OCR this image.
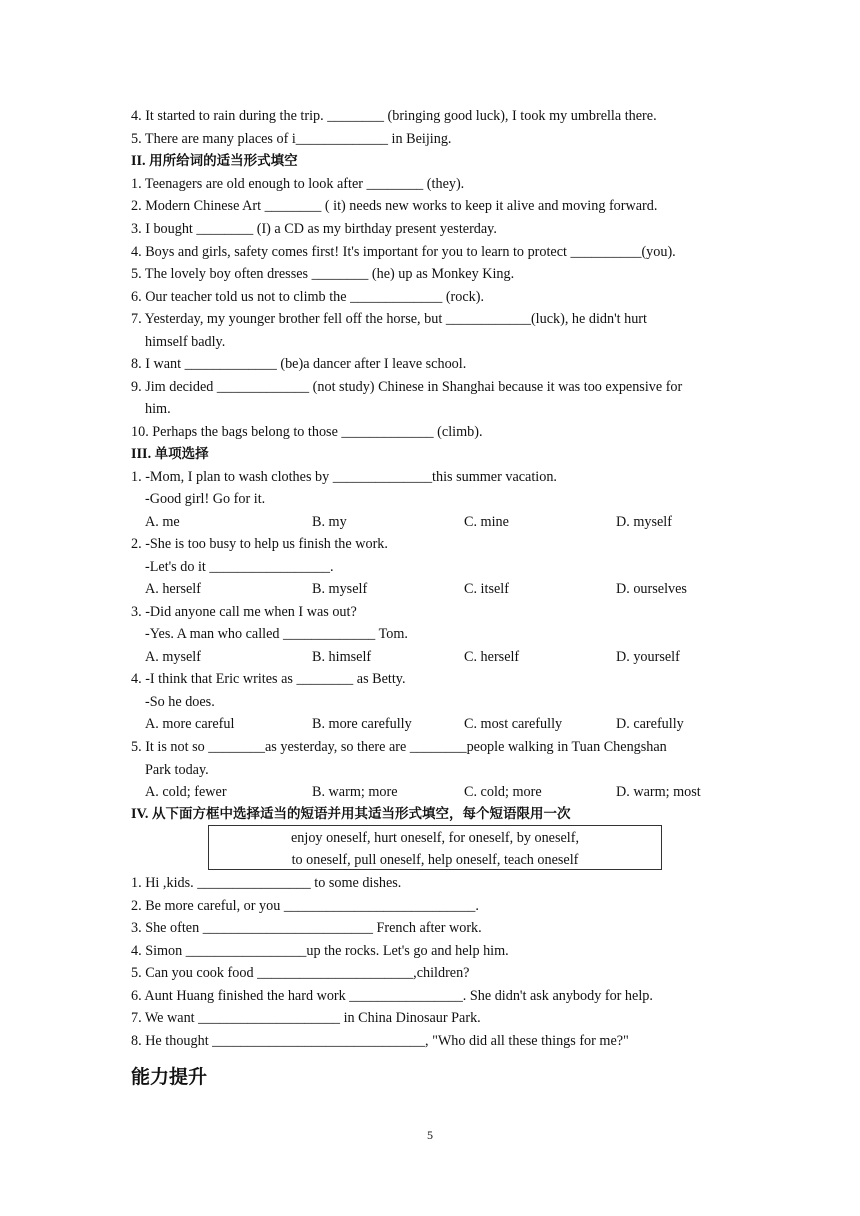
4. It started to rain during the trip. ________ (bringing good luck), I took my umbrella there.
5. There are many places of i_____________ in Beijing.
II. 用所给词的适当形式填空
1. Teenagers are old enough to look after ________ (they).
2. Modern Chinese Art ________ ( it) needs new works to keep it alive and moving forward.
3. I bought ________ (I) a CD as my birthday present yesterday.
4. Boys and girls, safety comes first! It's important for you to learn to protect __________(you).
5. The lovely boy often dresses ________ (he) up as Monkey King.
6. Our teacher told us not to climb the _____________ (rock).
7. Yesterday, my younger brother fell off the horse, but ____________(luck), he didn't hurt
himself badly.
8. I want _____________ (be)a dancer after I leave school.
9. Jim decided _____________ (not study) Chinese in Shanghai because it was too expensive for
him.
10. Perhaps the bags belong to those _____________ (climb).
III. 单项选择
1. -Mom, I plan to wash clothes by ______________this summer vacation.
-Good girl! Go for it.
A. me	B. my	C. mine	D. myself
2. -She is too busy to help us finish the work.
-Let's do it _________________.
A. herself	B. myself	C. itself	D. ourselves
3. -Did anyone call me when I was out?
-Yes. A man who called _____________ Tom.
A. myself	B. himself	C. herself	D. yourself
4. -I think that Eric writes as ________ as Betty.
-So he does.
A. more careful	B. more carefully	C. most carefully	D. carefully
5. It is not so ________as yesterday, so there are ________people walking in Tuan Chengshan
Park today.
A. cold; fewer	B. warm; more	C. cold; more	D. warm; most
IV. 从下面方框中选择适当的短语并用其适当形式填空，每个短语限用一次
enjoy oneself, hurt oneself, for oneself, by oneself,
to oneself, pull oneself, help oneself, teach oneself
1. Hi ,kids. ________________ to some dishes.
2. Be more careful, or you ___________________________.
3. She often ________________________ French after work.
4. Simon _________________up the rocks. Let's go and help him.
5. Can you cook food ______________________,children?
6. Aunt Huang finished the hard work ________________. She didn't ask anybody for help.
7. We want ____________________ in China Dinosaur Park.
8. He thought ______________________________, "Who did all these things for me?"
能力提升
5
